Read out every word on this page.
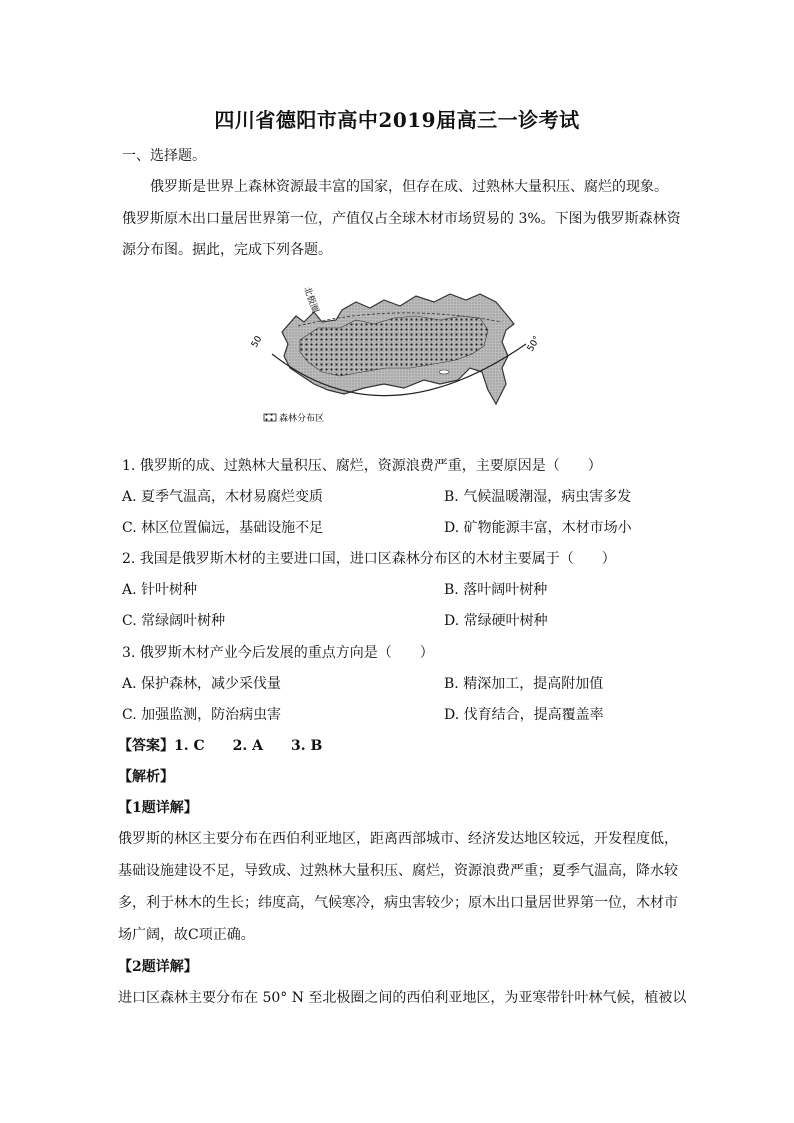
四川省德阳市高中2019届高三一诊考试
一、选择题。
俄罗斯是世界上森林资源最丰富的国家，但存在成、过熟林大量积压、腐烂的现象。
俄罗斯原木出口量居世界第一位，产值仅占全球木材市场贸易的 3%。下图为俄罗斯森林资
源分布图。据此，完成下列各题。
北极圈
50	50°
森林分布区
1. 俄罗斯的成、过熟林大量积压、腐烂，资源浪费严重，主要原因是（　　）
A. 夏季气温高，木材易腐烂变质	B. 气候温暖潮湿，病虫害多发
C. 林区位置偏远，基础设施不足	D. 矿物能源丰富，木材市场小
2. 我国是俄罗斯木材的主要进口国，进口区森林分布区的木材主要属于（　　）
A. 针叶树种	B. 落叶阔叶树种
C. 常绿阔叶树种	D. 常绿硬叶树种
3. 俄罗斯木材产业今后发展的重点方向是（　　）
A. 保护森林，减少采伐量	B. 精深加工，提高附加值
C. 加强监测，防治病虫害	D. 伐育结合，提高覆盖率
【答案】1. C　　2. A　　3. B
【解析】
【1题详解】
俄罗斯的林区主要分布在西伯利亚地区，距离西部城市、经济发达地区较远，开发程度低，
基础设施建设不足，导致成、过熟林大量积压、腐烂，资源浪费严重；夏季气温高，降水较
多，利于林木的生长；纬度高，气候寒冷，病虫害较少；原木出口量居世界第一位，木材市
场广阔，故C项正确。
【2题详解】
进口区森林主要分布在 50° N 至北极圈之间的西伯利亚地区，为亚寒带针叶林气候，植被以
